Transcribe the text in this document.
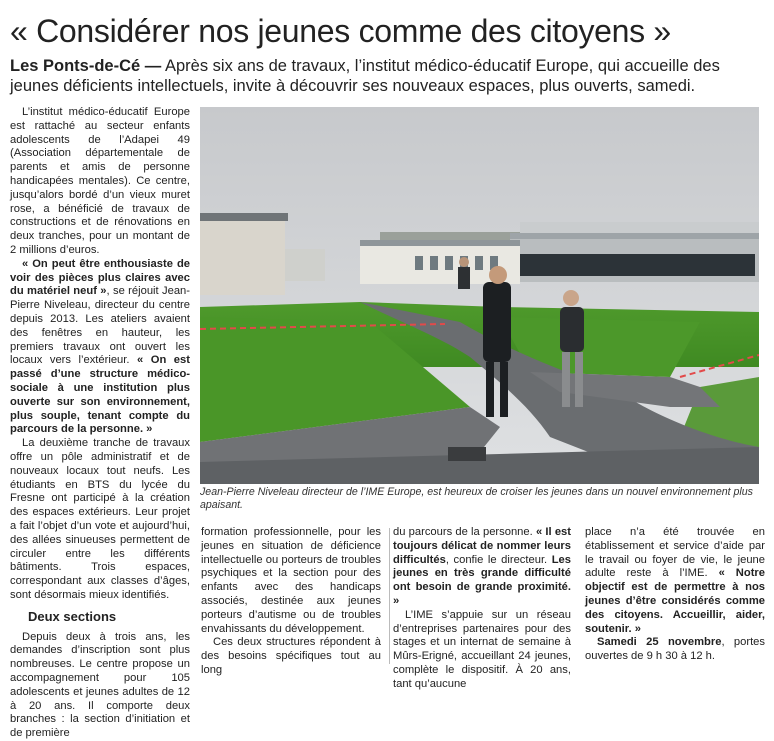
« Considérer nos jeunes comme des citoyens »
Les Ponts-de-Cé — Après six ans de travaux, l’institut médico-éducatif Europe, qui accueille des jeunes déficients intellectuels, invite à découvrir ses nouveaux espaces, plus ouverts, samedi.

L’institut médico-éducatif Europe est rattaché au secteur enfants adolescents de l’Adapei 49 (Association départementale de parents et amis de personne handicapées mentales). Ce centre, jusqu’alors bordé d’un vieux muret rose, a bénéficié de travaux de constructions et de rénovations en deux tranches, pour un montant de 2 millions d’euros.

« On peut être enthousiaste de voir des pièces plus claires avec du matériel neuf », se réjouit Jean-Pierre Niveleau, directeur du centre depuis 2013. Les ateliers avaient des fenêtres en hauteur, les premiers travaux ont ouvert les locaux vers l’extérieur. « On est passé d’une structure médico-sociale à une institution plus ouverte sur son environnement, plus souple, tenant compte du parcours de la personne. »

La deuxième tranche de travaux offre un pôle administratif et de nouveaux locaux tout neufs. Les étudiants en BTS du lycée du Fresne ont participé à la création des espaces extérieurs. Leur projet a fait l’objet d’un vote et aujourd’hui, des allées sinueuses permettent de circuler entre les différents bâtiments. Trois espaces, correspondant aux classes d’âges, sont désormais mieux identifiés.

Deux sections

Depuis deux à trois ans, les demandes d’inscription sont plus nombreuses. Le centre propose un accompagnement pour 105 adolescents et jeunes adultes de 12 à 20 ans. Il comporte deux branches : la section d’initiation et de première

Jean-Pierre Niveleau directeur de l’IME Europe, est heureux de croiser les jeunes dans un nouvel environnement plus apaisant.

formation professionnelle, pour les jeunes en situation de déficience intellectuelle ou porteurs de troubles psychiques et la section pour des enfants avec des handicaps associés, destinée aux jeunes porteurs d’autisme ou de troubles envahissants du développement.

Ces deux structures répondent à des besoins spécifiques tout au long

du parcours de la personne. « Il est toujours délicat de nommer leurs difficultés, confie le directeur. Les jeunes en très grande difficulté ont besoin de grande proximité. »

L’IME s’appuie sur un réseau d’entreprises partenaires pour des stages et un internat de semaine à Mûrs-Erigné, accueillant 24 jeunes, complète le dispositif. À 20 ans, tant qu’aucune

place n’a été trouvée en établissement et service d’aide par le travail ou foyer de vie, le jeune adulte reste à l’IME. « Notre objectif est de permettre à nos jeunes d’être considérés comme des citoyens. Accueillir, aider, soutenir. »

Samedi 25 novembre, portes ouvertes de 9 h 30 à 12 h.
